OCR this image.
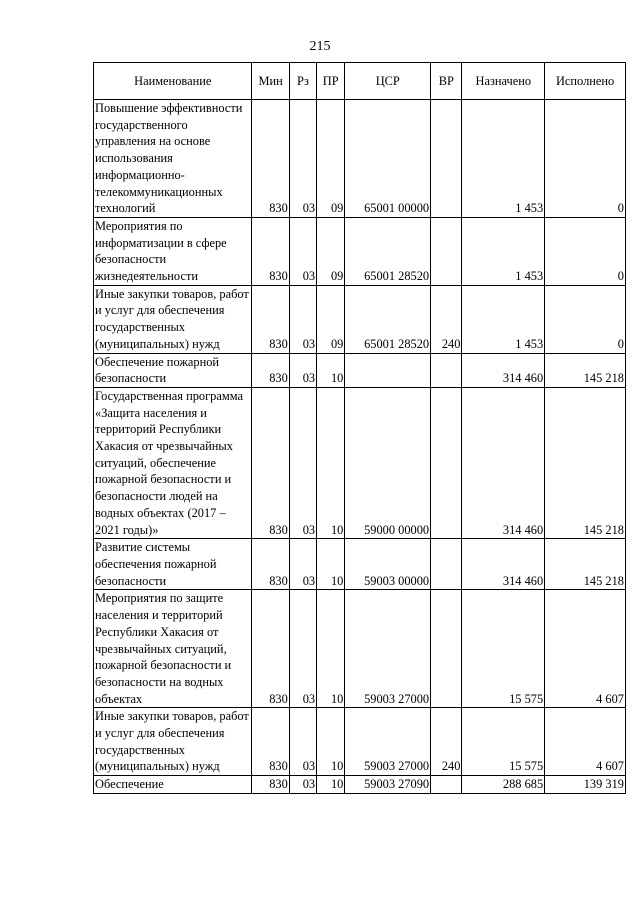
215
Наименование	Мин	Рз	ПР	ЦСР	ВР	Назначено	Исполнено
Повышение эффективности государственного управления на основе использования информационно-телекоммуникационных технологий	830	03	09	65001 00000		1 453	0
Мероприятия по информатизации в сфере безопасности жизнедеятельности	830	03	09	65001 28520		1 453	0
Иные закупки товаров, работ и услуг для обеспечения государственных (муниципальных) нужд	830	03	09	65001 28520	240	1 453	0
Обеспечение пожарной безопасности	830	03	10			314 460	145 218
Государственная программа «Защита населения и территорий Республики Хакасия от чрезвычайных ситуаций, обеспечение пожарной безопасности и безопасности людей на водных объектах (2017 – 2021 годы)»	830	03	10	59000 00000		314 460	145 218
Развитие системы обеспечения пожарной безопасности	830	03	10	59003 00000		314 460	145 218
Мероприятия по защите населения и территорий Республики Хакасия от чрезвычайных ситуаций, пожарной безопасности и безопасности на водных объектах	830	03	10	59003 27000		15 575	4 607
Иные закупки товаров, работ и услуг для обеспечения государственных (муниципальных) нужд	830	03	10	59003 27000	240	15 575	4 607
Обеспечение	830	03	10	59003 27090		288 685	139 319
